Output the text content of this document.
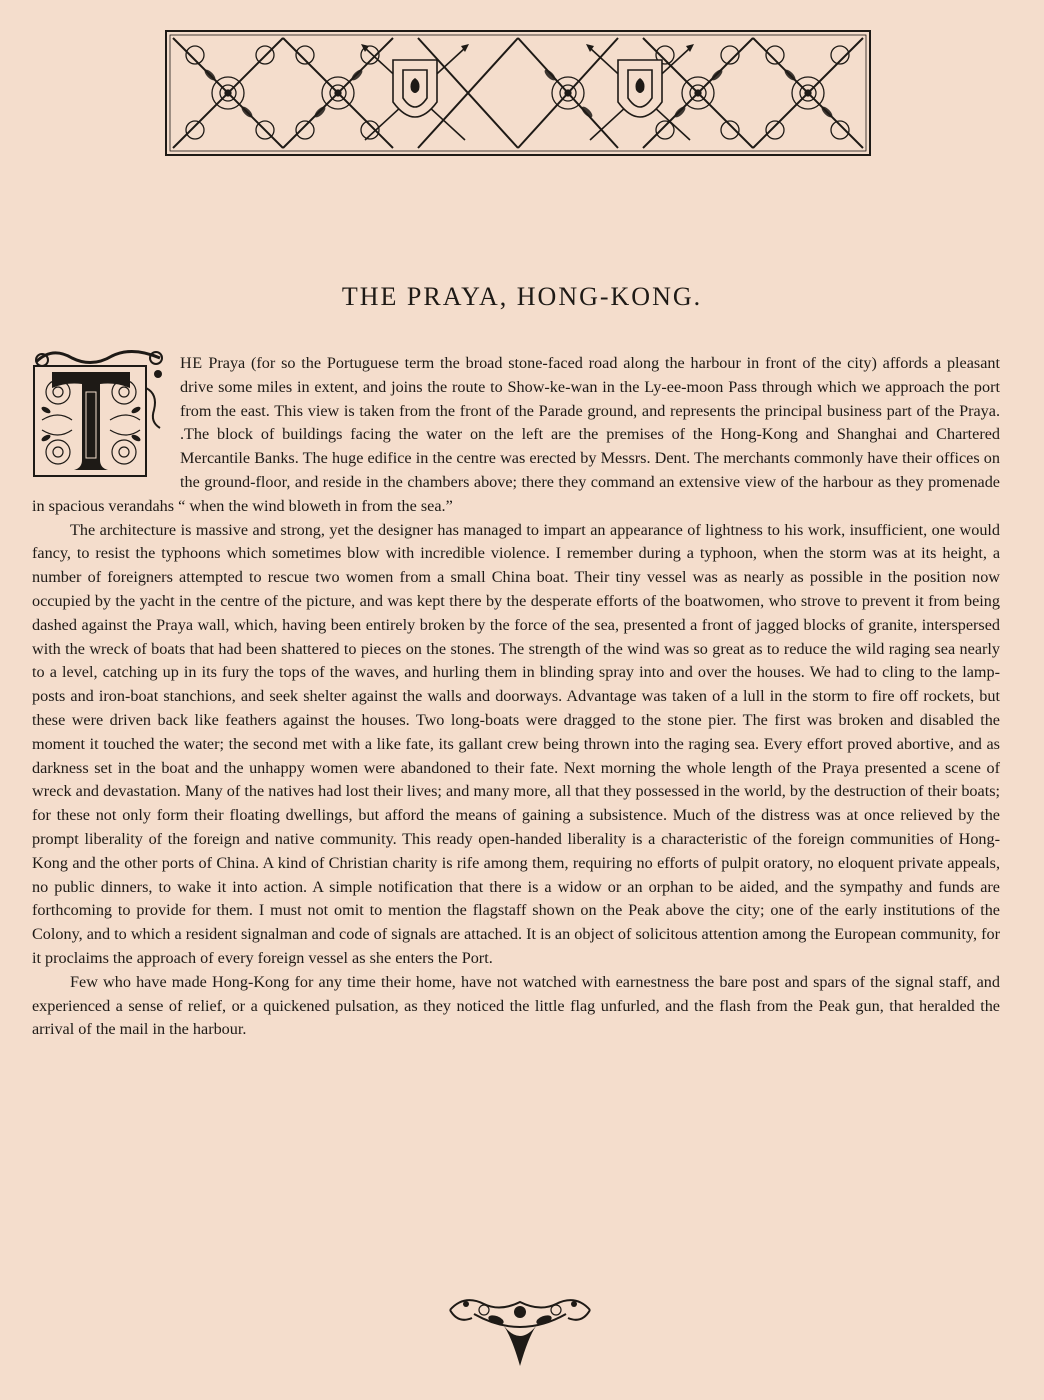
THE PRAYA, HONG-KONG.

HE Praya (for so the Portuguese term the broad stone-faced road along the harbour in front of the city) affords a pleasant drive some miles in extent, and joins the route to Show-ke-wan in the Ly-ee-moon Pass through which we approach the port from the east. This view is taken from the front of the Parade ground, and represents the principal business part of the Praya. .The block of buildings facing the water on the left are the premises of the Hong-Kong and Shanghai and Chartered Mercantile Banks. The huge edifice in the centre was erected by Messrs. Dent. The merchants commonly have their offices on the ground-floor, and reside in the chambers above; there they command an extensive view of the harbour as they promenade in spacious verandahs “ when the wind bloweth in from the sea.”

The architecture is massive and strong, yet the designer has managed to impart an appearance of lightness to his work, insufficient, one would fancy, to resist the typhoons which sometimes blow with incredible violence. I remember during a typhoon, when the storm was at its height, a number of foreigners attempted to rescue two women from a small China boat. Their tiny vessel was as nearly as possible in the position now occupied by the yacht in the centre of the picture, and was kept there by the desperate efforts of the boatwomen, who strove to prevent it from being dashed against the Praya wall, which, having been entirely broken by the force of the sea, presented a front of jagged blocks of granite, interspersed with the wreck of boats that had been shattered to pieces on the stones. The strength of the wind was so great as to reduce the wild raging sea nearly to a level, catching up in its fury the tops of the waves, and hurling them in blinding spray into and over the houses. We had to cling to the lamp-posts and iron-boat stanchions, and seek shelter against the walls and doorways. Advantage was taken of a lull in the storm to fire off rockets, but these were driven back like feathers against the houses. Two long-boats were dragged to the stone pier. The first was broken and disabled the moment it touched the water; the second met with a like fate, its gallant crew being thrown into the raging sea. Every effort proved abortive, and as darkness set in the boat and the unhappy women were abandoned to their fate. Next morning the whole length of the Praya presented a scene of wreck and devastation. Many of the natives had lost their lives; and many more, all that they possessed in the world, by the destruction of their boats; for these not only form their floating dwellings, but afford the means of gaining a subsistence. Much of the distress was at once relieved by the prompt liberality of the foreign and native community. This ready open-handed liberality is a characteristic of the foreign communities of Hong-Kong and the other ports of China. A kind of Christian charity is rife among them, requiring no efforts of pulpit oratory, no eloquent private appeals, no public dinners, to wake it into action. A simple notification that there is a widow or an orphan to be aided, and the sympathy and funds are forthcoming to provide for them. I must not omit to mention the flagstaff shown on the Peak above the city; one of the early institutions of the Colony, and to which a resident signalman and code of signals are attached. It is an object of solicitous attention among the European community, for it proclaims the approach of every foreign vessel as she enters the Port.

Few who have made Hong-Kong for any time their home, have not watched with earnestness the bare post and spars of the signal staff, and experienced a sense of relief, or a quickened pulsation, as they noticed the little flag unfurled, and the flash from the Peak gun, that heralded the arrival of the mail in the harbour.
